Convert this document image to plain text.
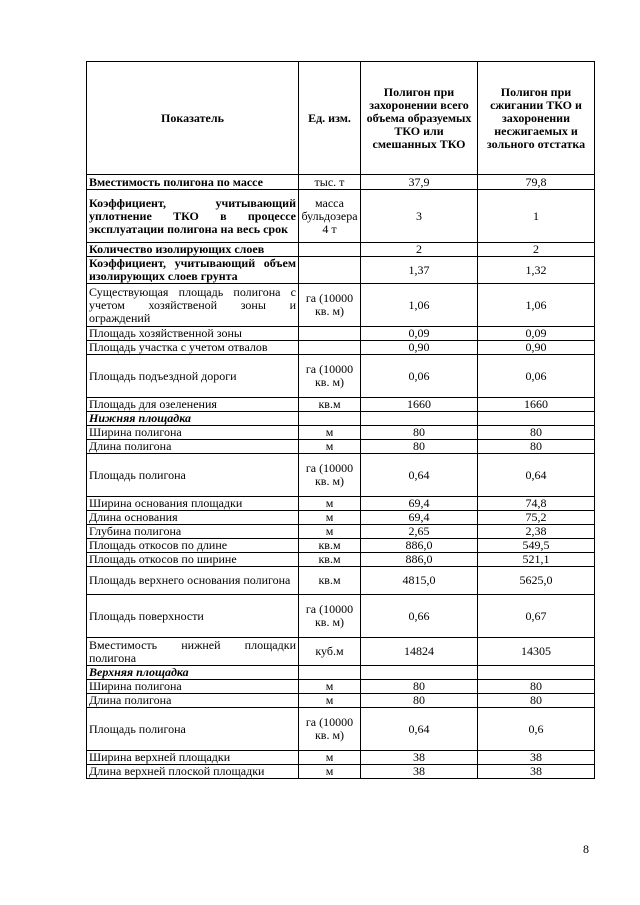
Показатель	Ед. изм.	Полигон при захоронении всего объема образуемых ТКО или смешанных ТКО	Полигон при сжигании ТКО и захоронении несжигаемых и зольного отстатка
Вместимость полигона по массе	тыс. т	37,9	79,8
Коэффициент, учитывающий уплотнение ТКО в процессе эксплуатации полигона на весь срок	масса бульдозера 4 т	3	1
Количество изолирующих слоев		2	2
Коэффициент, учитывающий объем изолирующих слоев грунта		1,37	1,32
Существующая площадь полигона с учетом хозяйственой зоны и ограждений	га (10000 кв. м)	1,06	1,06
Площадь хозяйственной зоны		0,09	0,09
Площадь участка с учетом отвалов		0,90	0,90
Площадь подъездной дороги	га (10000 кв. м)	0,06	0,06
Площадь для озеленения	кв.м	1660	1660
Нижняя площадка			
Ширина полигона	м	80	80
Длина полигона	м	80	80
Площадь полигона	га (10000 кв. м)	0,64	0,64
Ширина основания площадки	м	69,4	74,8
Длина основания	м	69,4	75,2
Глубина полигона	м	2,65	2,38
Площадь откосов по длине	кв.м	886,0	549,5
Площадь откосов по ширине	кв.м	886,0	521,1
Площадь верхнего основания полигона	кв.м	4815,0	5625,0
Площадь поверхности	га (10000 кв. м)	0,66	0,67
Вместимость нижней площадки полигона	куб.м	14824	14305
Верхняя площадка			
Ширина полигона	м	80	80
Длина полигона	м	80	80
Площадь полигона	га (10000 кв. м)	0,64	0,6
Ширина верхней площадки	м	38	38
Длина верхней плоской площадки	м	38	38
8
